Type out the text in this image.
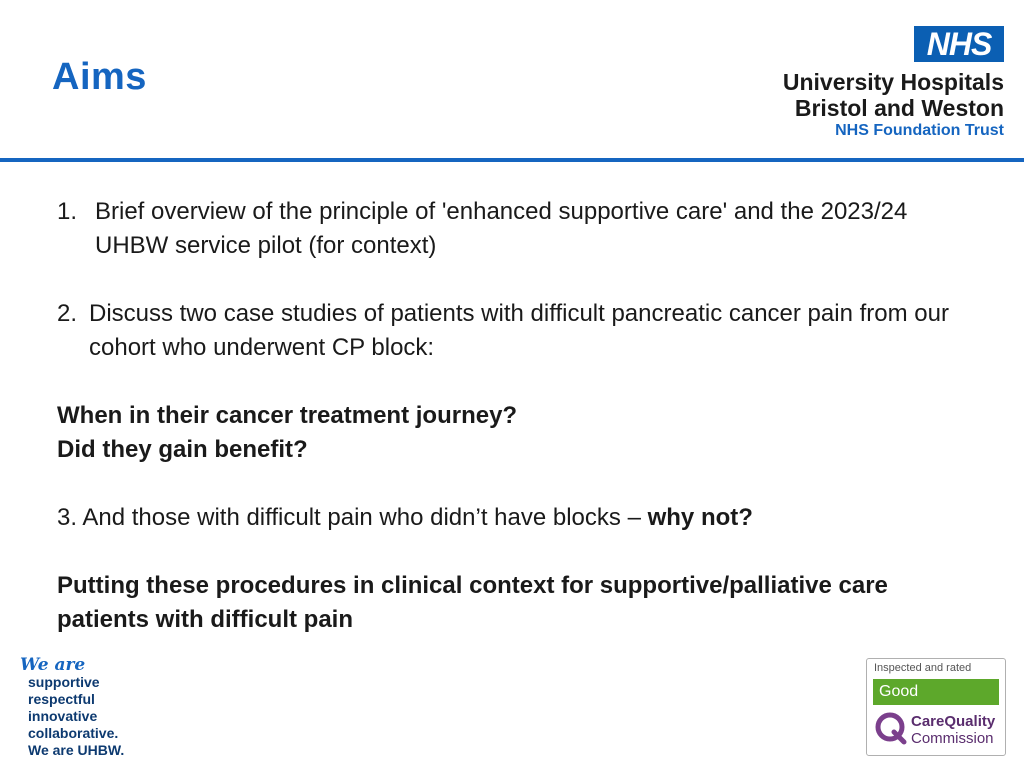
Aims
NHS
University Hospitals
Bristol and Weston
NHS Foundation Trust
1. Brief overview of the principle of 'enhanced supportive care' and the 2023/24 UHBW service pilot (for context)
2. Discuss two case studies of patients with difficult pancreatic cancer pain from our cohort who underwent CP block:
When in their cancer treatment journey?
Did they gain benefit?
3. And those with difficult pain who didn’t have blocks – why not?
Putting these procedures in clinical context for supportive/palliative care patients with difficult pain
We are
supportive
respectful
innovative
collaborative.
We are UHBW.
Inspected and rated
Good
CareQuality
Commission
